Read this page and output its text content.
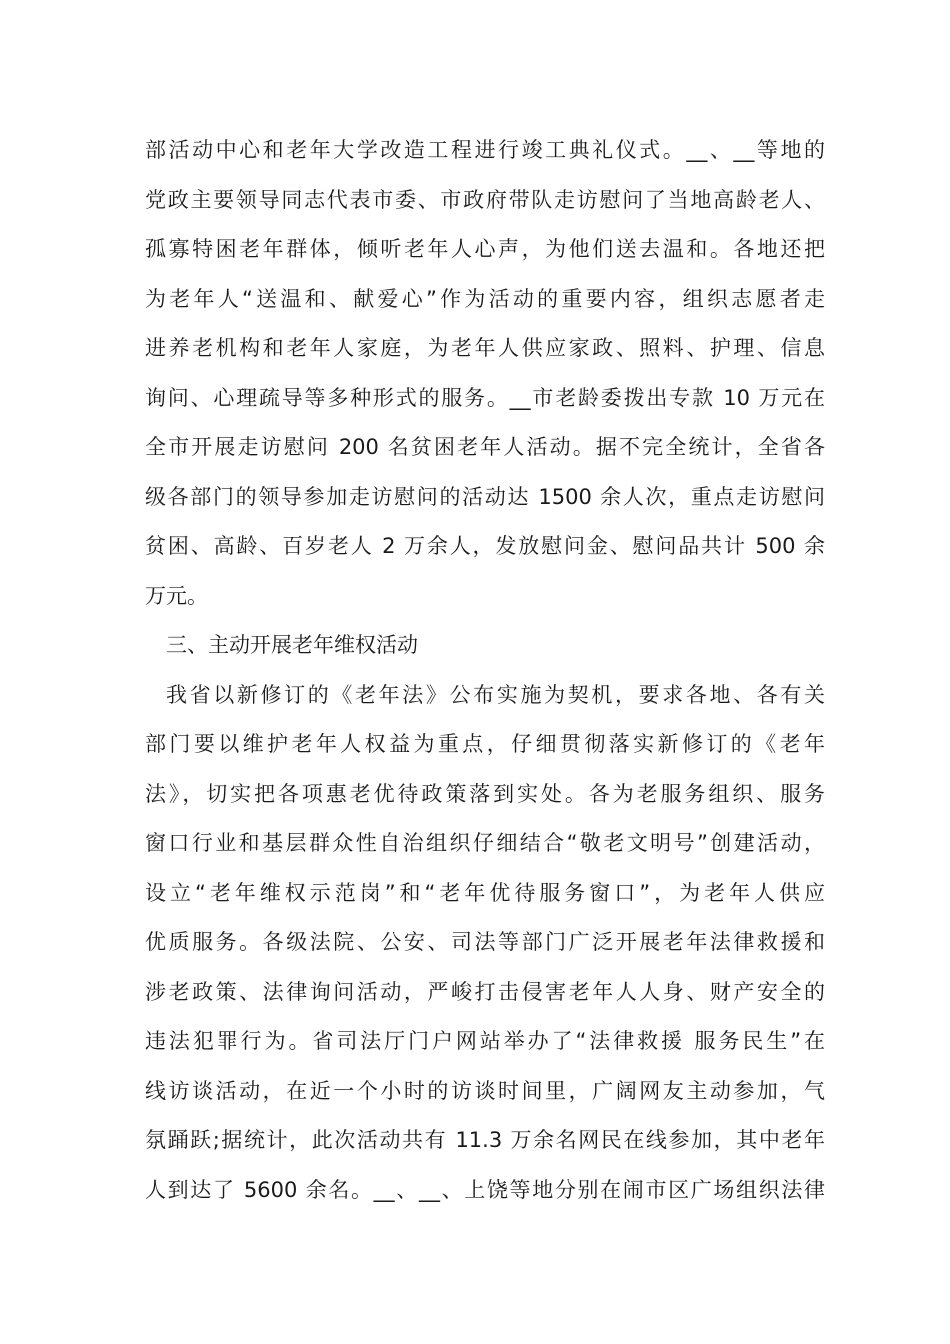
部活动中心和老年大学改造工程进行竣工典礼仪式。__、__等地的
党政主要领导同志代表市委、市政府带队走访慰问了当地高龄老人、
孤寡特困老年群体，倾听老年人心声，为他们送去温和。各地还把
为老年人“送温和、献爱心”作为活动的重要内容，组织志愿者走
进养老机构和老年人家庭，为老年人供应家政、照料、护理、信息
询问、心理疏导等多种形式的服务。__市老龄委拨出专款 10 万元在
全市开展走访慰问 200 名贫困老年人活动。据不完全统计，全省各
级各部门的领导参加走访慰问的活动达 1500 余人次，重点走访慰问
贫困、高龄、百岁老人 2 万余人，发放慰问金、慰问品共计 500 余
万元。
三、主动开展老年维权活动
我省以新修订的《老年法》公布实施为契机，要求各地、各有关
部门要以维护老年人权益为重点，仔细贯彻落实新修订的《老年
法》，切实把各项惠老优待政策落到实处。各为老服务组织、服务
窗口行业和基层群众性自治组织仔细结合“敬老文明号”创建活动，
设立“老年维权示范岗”和“老年优待服务窗口”，为老年人供应
优质服务。各级法院、公安、司法等部门广泛开展老年法律救援和
涉老政策、法律询问活动，严峻打击侵害老年人人身、财产安全的
违法犯罪行为。省司法厅门户网站举办了“法律救援 服务民生”在
线访谈活动，在近一个小时的访谈时间里，广阔网友主动参加，气
氛踊跃;据统计，此次活动共有 11.3 万余名网民在线参加，其中老年
人到达了 5600 余名。__、__、上饶等地分别在闹市区广场组织法律
